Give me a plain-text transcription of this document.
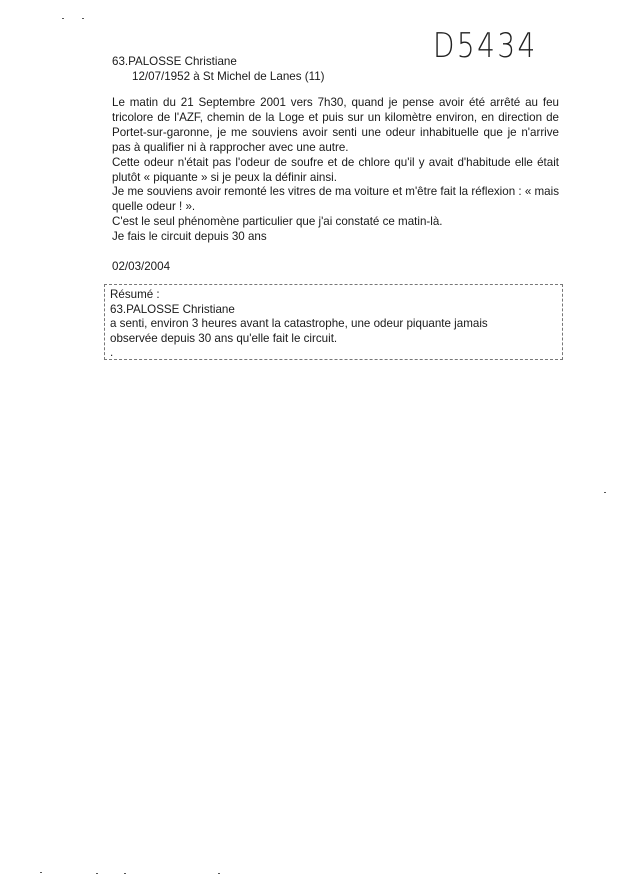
63.PALOSSE Christiane
12/07/1952 à St Michel de Lanes (11)
D5434

Le matin du 21 Septembre 2001 vers 7h30, quand je pense avoir été arrêté au feu tricolore de l'AZF, chemin de la Loge et puis sur un kilomètre environ, en direction de Portet-sur-garonne, je me souviens avoir senti une odeur inhabituelle que je n'arrive pas à qualifier ni à rapprocher avec une autre.

Cette odeur n'était pas l'odeur de soufre et de chlore qu'il y avait d'habitude elle était plutôt « piquante » si je peux la définir ainsi.

Je me souviens avoir remonté les vitres de ma voiture et m'être fait la réflexion : « mais quelle odeur ! ».

C'est le seul phénomène particulier que j'ai constaté ce matin-là.

Je fais le circuit depuis 30 ans

02/03/2004
Résumé :
63.PALOSSE Christiane
a senti, environ 3 heures avant la catastrophe, une odeur piquante jamais
observée depuis 30 ans qu'elle fait le circuit.
.
